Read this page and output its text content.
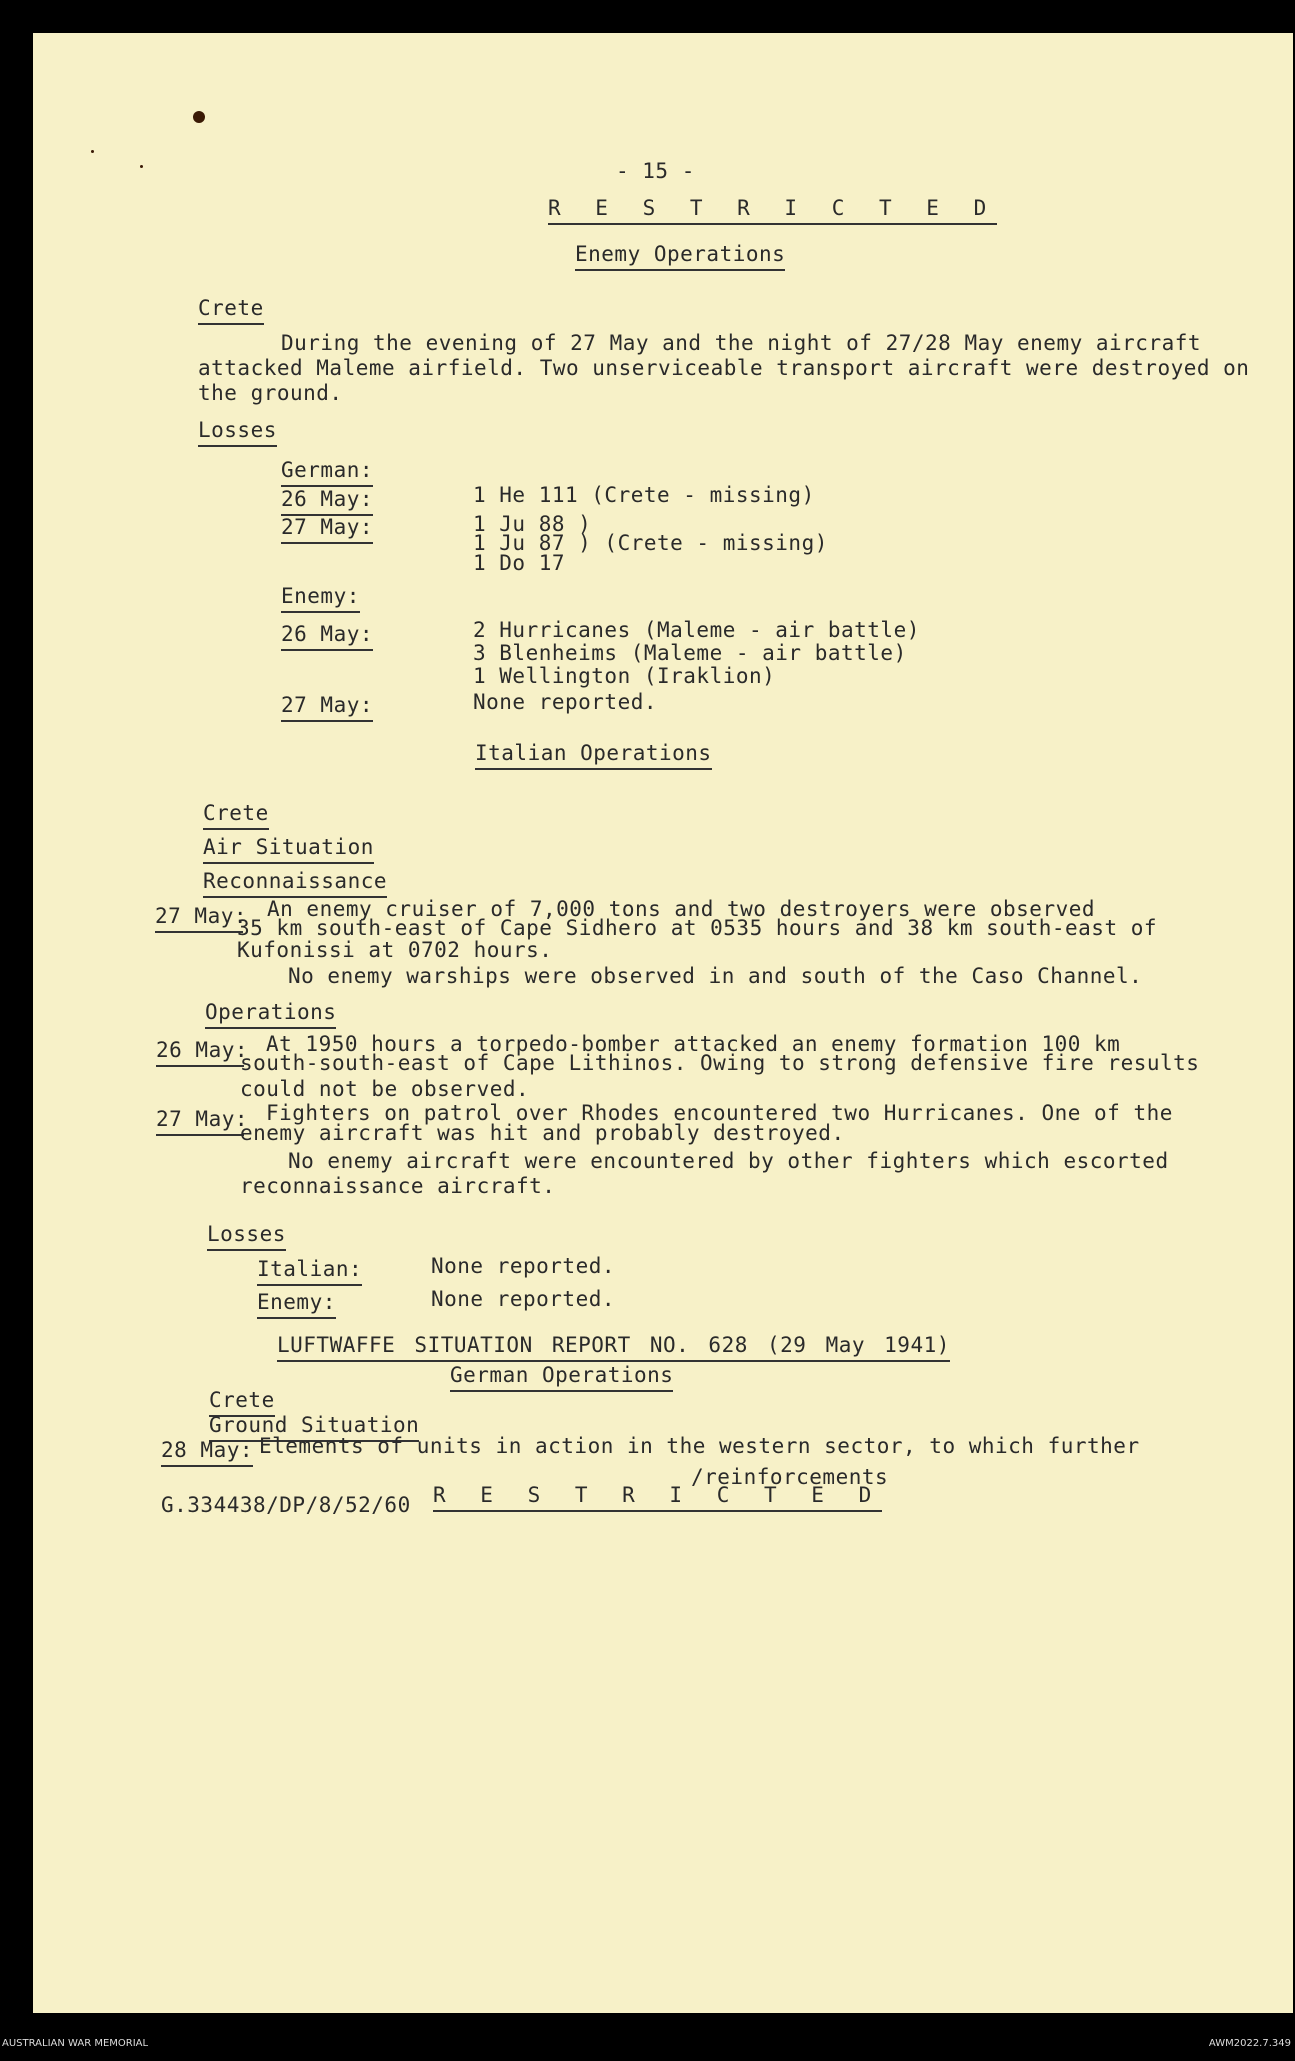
- 15 -
R E S T R I C T E D
Enemy Operations
Crete
During the evening of 27 May and the night of 27/28 May enemy aircraft attacked Maleme airfield. Two unserviceable transport aircraft were destroyed on the ground.
Losses
German:
26 May:	1 He 111 (Crete - missing)
27 May:	1 Ju 88 )
1 Ju 87 ) (Crete - missing)
1 Do 17
Enemy:
26 May:	2 Hurricanes (Maleme - air battle)
3 Blenheims (Maleme - air battle)
1 Wellington (Iraklion)
27 May:	None reported.
Italian Operations
Crete
Air Situation
Reconnaissance
27 May: An enemy cruiser of 7,000 tons and two destroyers were observed
35 km south-east of Cape Sidhero at 0535 hours and 38 km south-east of
Kufonissi at 0702 hours.
No enemy warships were observed in and south of the Caso Channel.
Operations
26 May: At 1950 hours a torpedo-bomber attacked an enemy formation 100 km
south-south-east of Cape Lithinos. Owing to strong defensive fire results
could not be observed.
27 May: Fighters on patrol over Rhodes encountered two Hurricanes. One of the
enemy aircraft was hit and probably destroyed.
No enemy aircraft were encountered by other fighters which escorted
reconnaissance aircraft.
Losses
Italian:	None reported.
Enemy:	None reported.
LUFTWAFFE SITUATION REPORT NO. 628 (29 May 1941)
German Operations
Crete
Ground Situation
28 May: Elements of units in action in the western sector, to which further
/reinforcements
G.334438/DP/8/52/60 R E S T R I C T E D
AUSTRALIAN WAR MEMORIAL	AWM2022.7.349
